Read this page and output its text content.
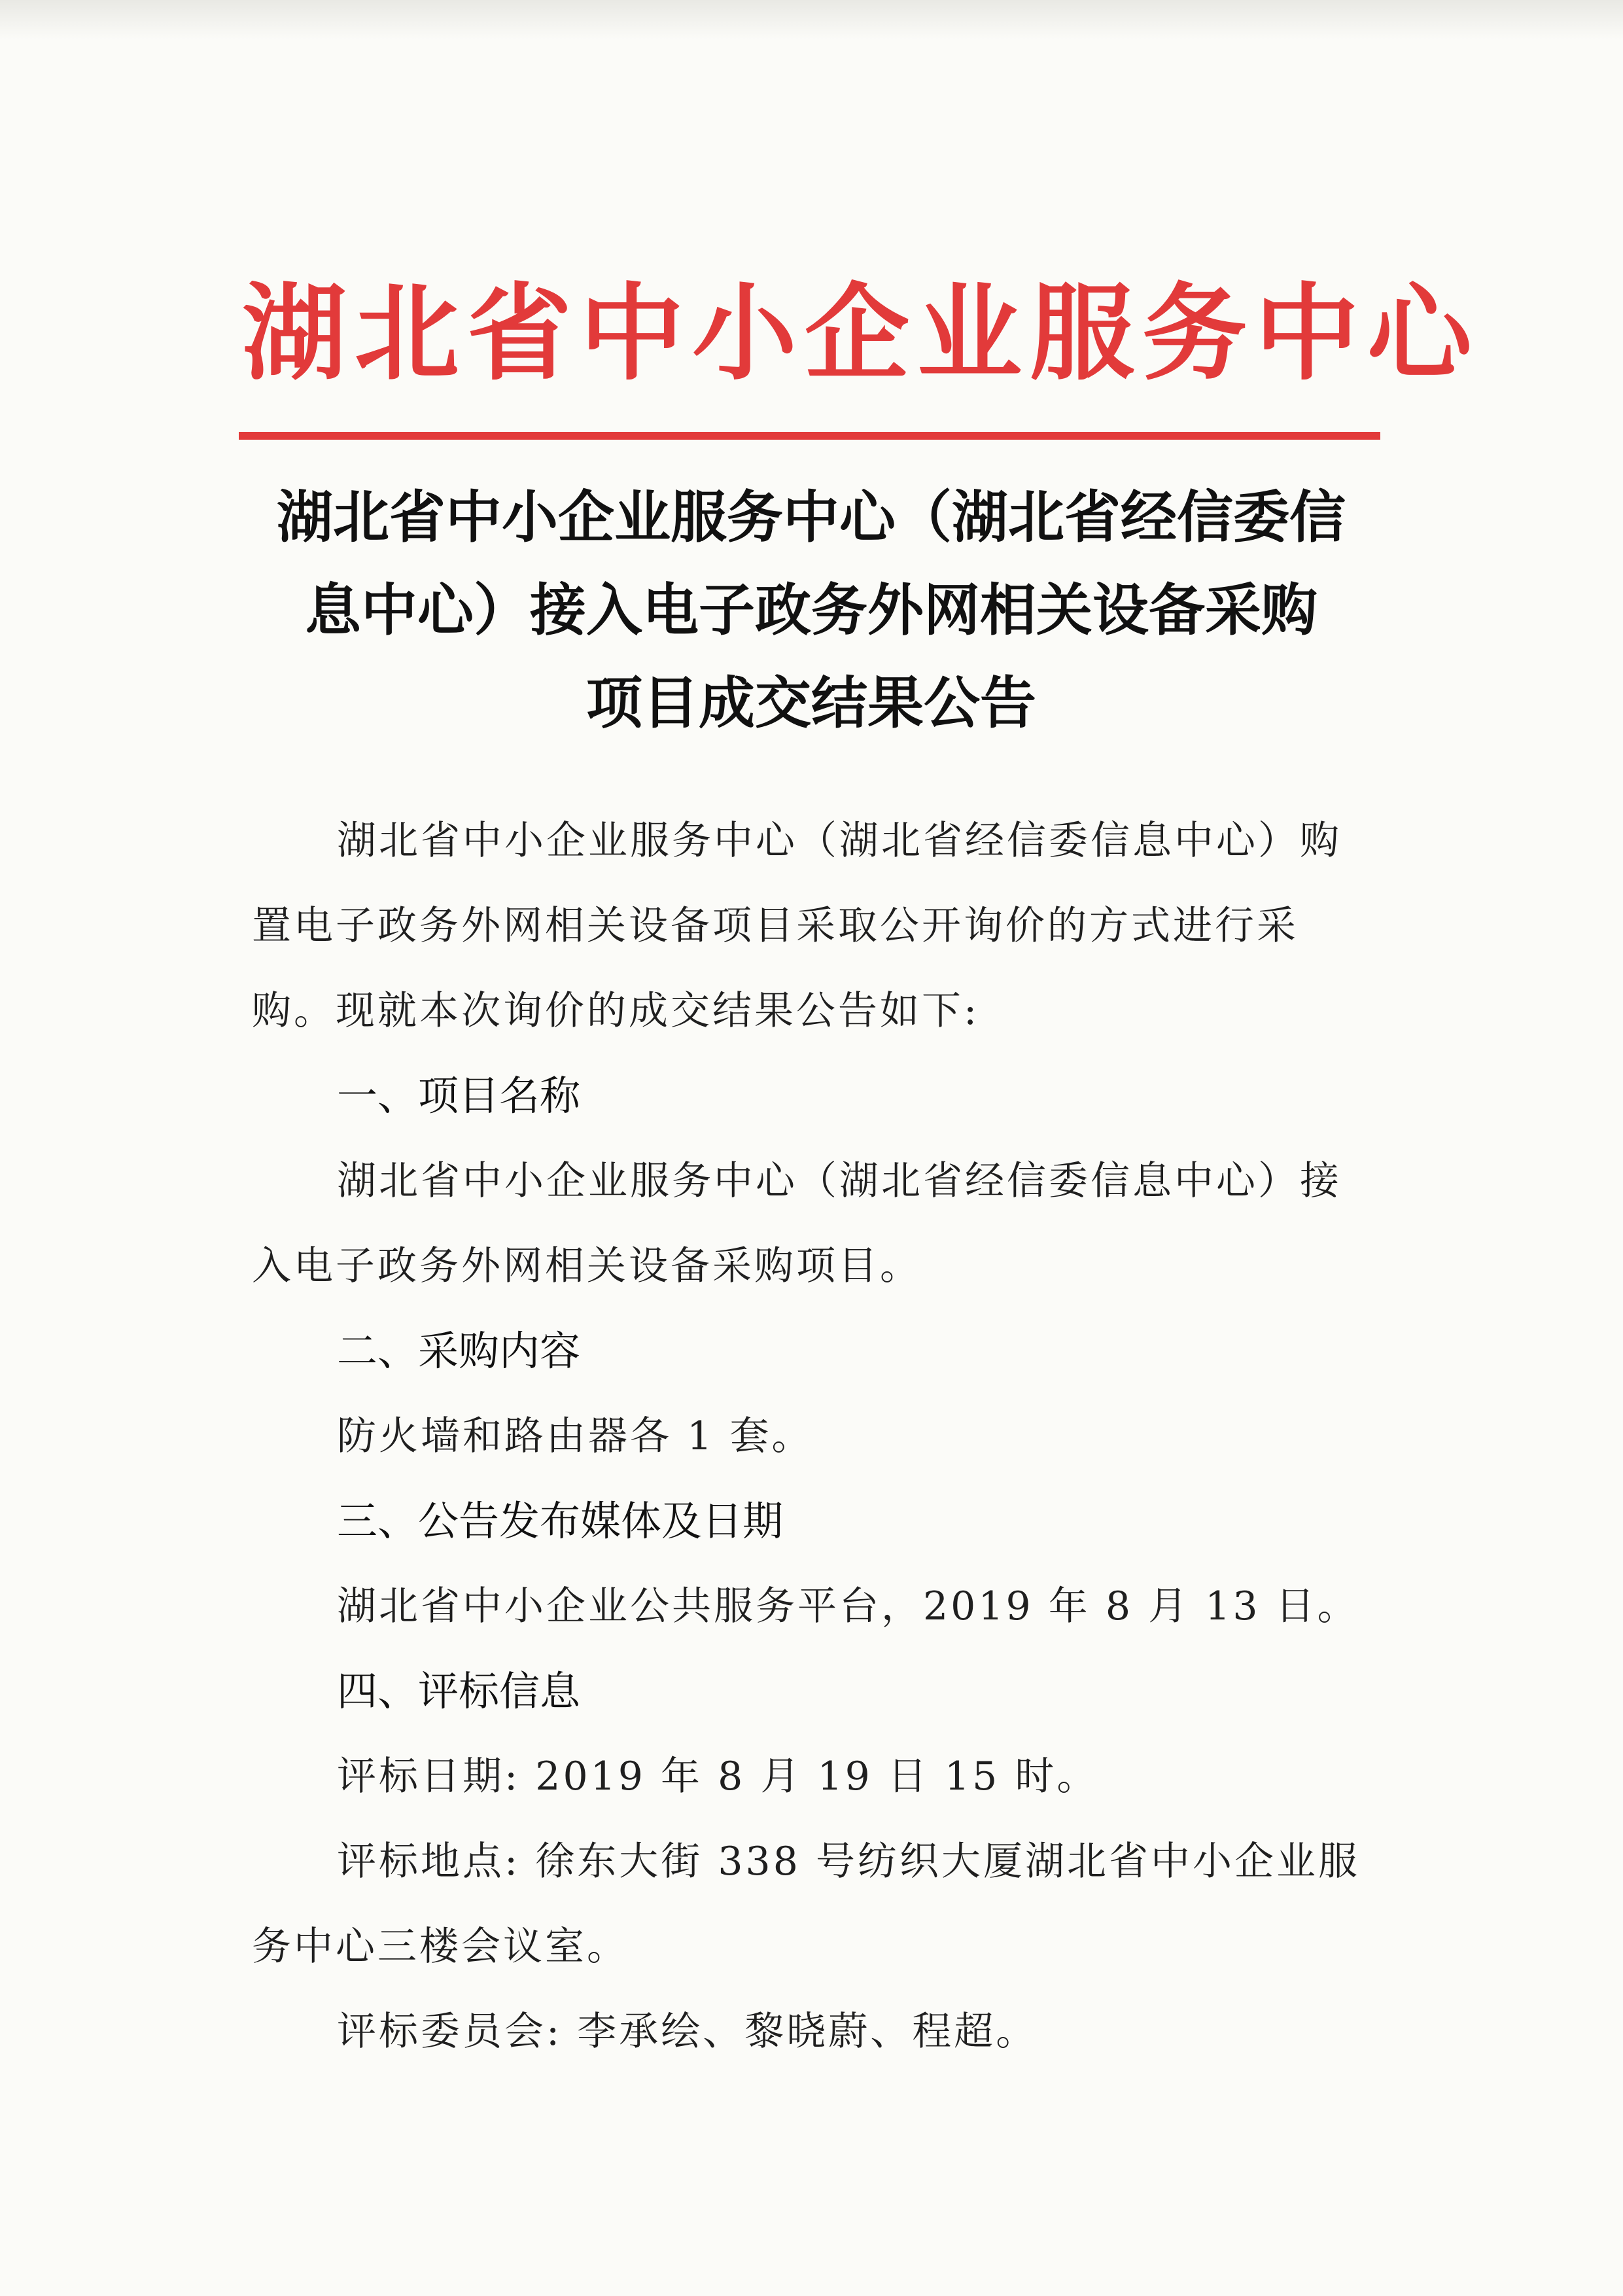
湖北省中小企业服务中心
湖北省中小企业服务中心（湖北省经信委信
息中心）接入电子政务外网相关设备采购
项目成交结果公告
湖北省中小企业服务中心（湖北省经信委信息中心）购置电子政务外网相关设备项目采取公开询价的方式进行采购。现就本次询价的成交结果公告如下:
一、项目名称
湖北省中小企业服务中心（湖北省经信委信息中心）接入电子政务外网相关设备采购项目。
二、采购内容
防火墙和路由器各 1 套。
三、公告发布媒体及日期
湖北省中小企业公共服务平台，2019 年 8 月 13 日。
四、评标信息
评标日期: 2019 年 8 月 19 日 15 时。
评标地点: 徐东大街 338 号纺织大厦湖北省中小企业服务中心三楼会议室。
评标委员会: 李承绘、黎晓蔚、程超。
